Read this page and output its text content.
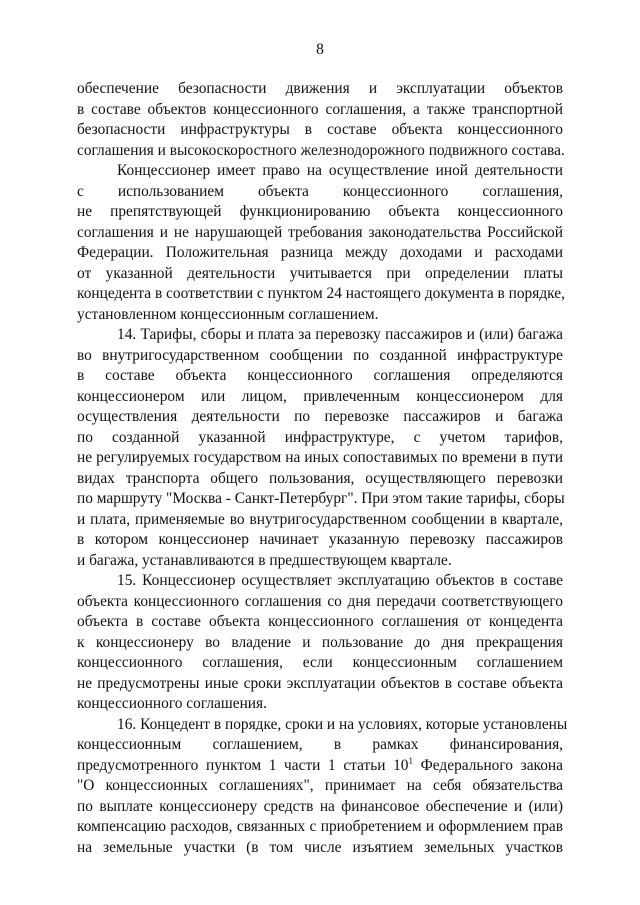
8
обеспечение безопасности движения и эксплуатации объектов
в составе объектов концессионного соглашения, а также транспортной
безопасности инфраструктуры в составе объекта концессионного
соглашения и высокоскоростного железнодорожного подвижного состава.
Концессионер имеет право на осуществление иной деятельности
с использованием объекта концессионного соглашения,
не препятствующей функционированию объекта концессионного
соглашения и не нарушающей требования законодательства Российской
Федерации. Положительная разница между доходами и расходами
от указанной деятельности учитывается при определении платы
концедента в соответствии с пунктом 24 настоящего документа в порядке,
установленном концессионным соглашением.
14. Тарифы, сборы и плата за перевозку пассажиров и (или) багажа
во внутригосударственном сообщении по созданной инфраструктуре
в составе объекта концессионного соглашения определяются
концессионером или лицом, привлеченным концессионером для
осуществления деятельности по перевозке пассажиров и багажа
по созданной указанной инфраструктуре, с учетом тарифов,
не регулируемых государством на иных сопоставимых по времени в пути
видах транспорта общего пользования, осуществляющего перевозки
по маршруту "Москва - Санкт-Петербург". При этом такие тарифы, сборы
и плата, применяемые во внутригосударственном сообщении в квартале,
в котором концессионер начинает указанную перевозку пассажиров
и багажа, устанавливаются в предшествующем квартале.
15. Концессионер осуществляет эксплуатацию объектов в составе
объекта концессионного соглашения со дня передачи соответствующего
объекта в составе объекта концессионного соглашения от концедента
к концессионеру во владение и пользование до дня прекращения
концессионного соглашения, если концессионным соглашением
не предусмотрены иные сроки эксплуатации объектов в составе объекта
концессионного соглашения.
16. Концедент в порядке, сроки и на условиях, которые установлены
концессионным соглашением, в рамках финансирования,
предусмотренного пунктом 1 части 1 статьи $10^1$ Федерального закона
"О концессионных соглашениях", принимает на себя обязательства
по выплате концессионеру средств на финансовое обеспечение и (или)
компенсацию расходов, связанных с приобретением и оформлением прав
на земельные участки (в том числе изъятием земельных участков
